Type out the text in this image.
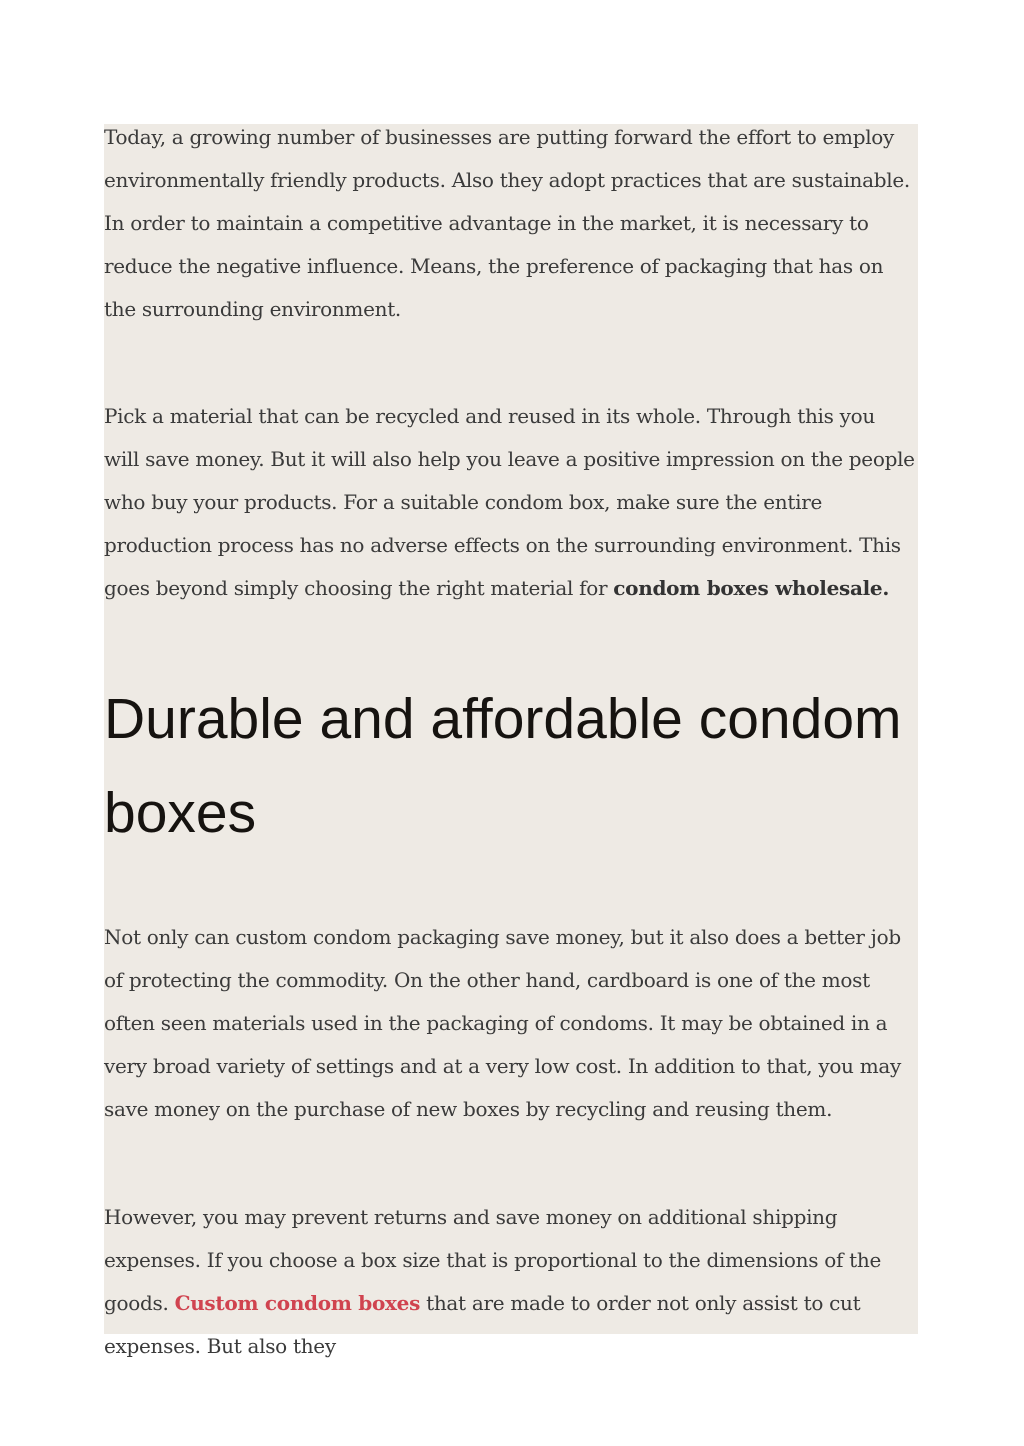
Today, a growing number of businesses are putting forward the effort to employ environmentally friendly products. Also they adopt practices that are sustainable. In order to maintain a competitive advantage in the market, it is necessary to reduce the negative influence. Means, the preference of packaging that has on the surrounding environment.

Pick a material that can be recycled and reused in its whole. Through this you will save money. But it will also help you leave a positive impression on the people who buy your products. For a suitable condom box, make sure the entire production process has no adverse effects on the surrounding environment. This goes beyond simply choosing the right material for condom boxes wholesale.

Durable and affordable condom boxes

Not only can custom condom packaging save money, but it also does a better job of protecting the commodity. On the other hand, cardboard is one of the most often seen materials used in the packaging of condoms. It may be obtained in a very broad variety of settings and at a very low cost. In addition to that, you may save money on the purchase of new boxes by recycling and reusing them.

However, you may prevent returns and save money on additional shipping expenses. If you choose a box size that is proportional to the dimensions of the goods. Custom condom boxes that are made to order not only assist to cut expenses. But also they
